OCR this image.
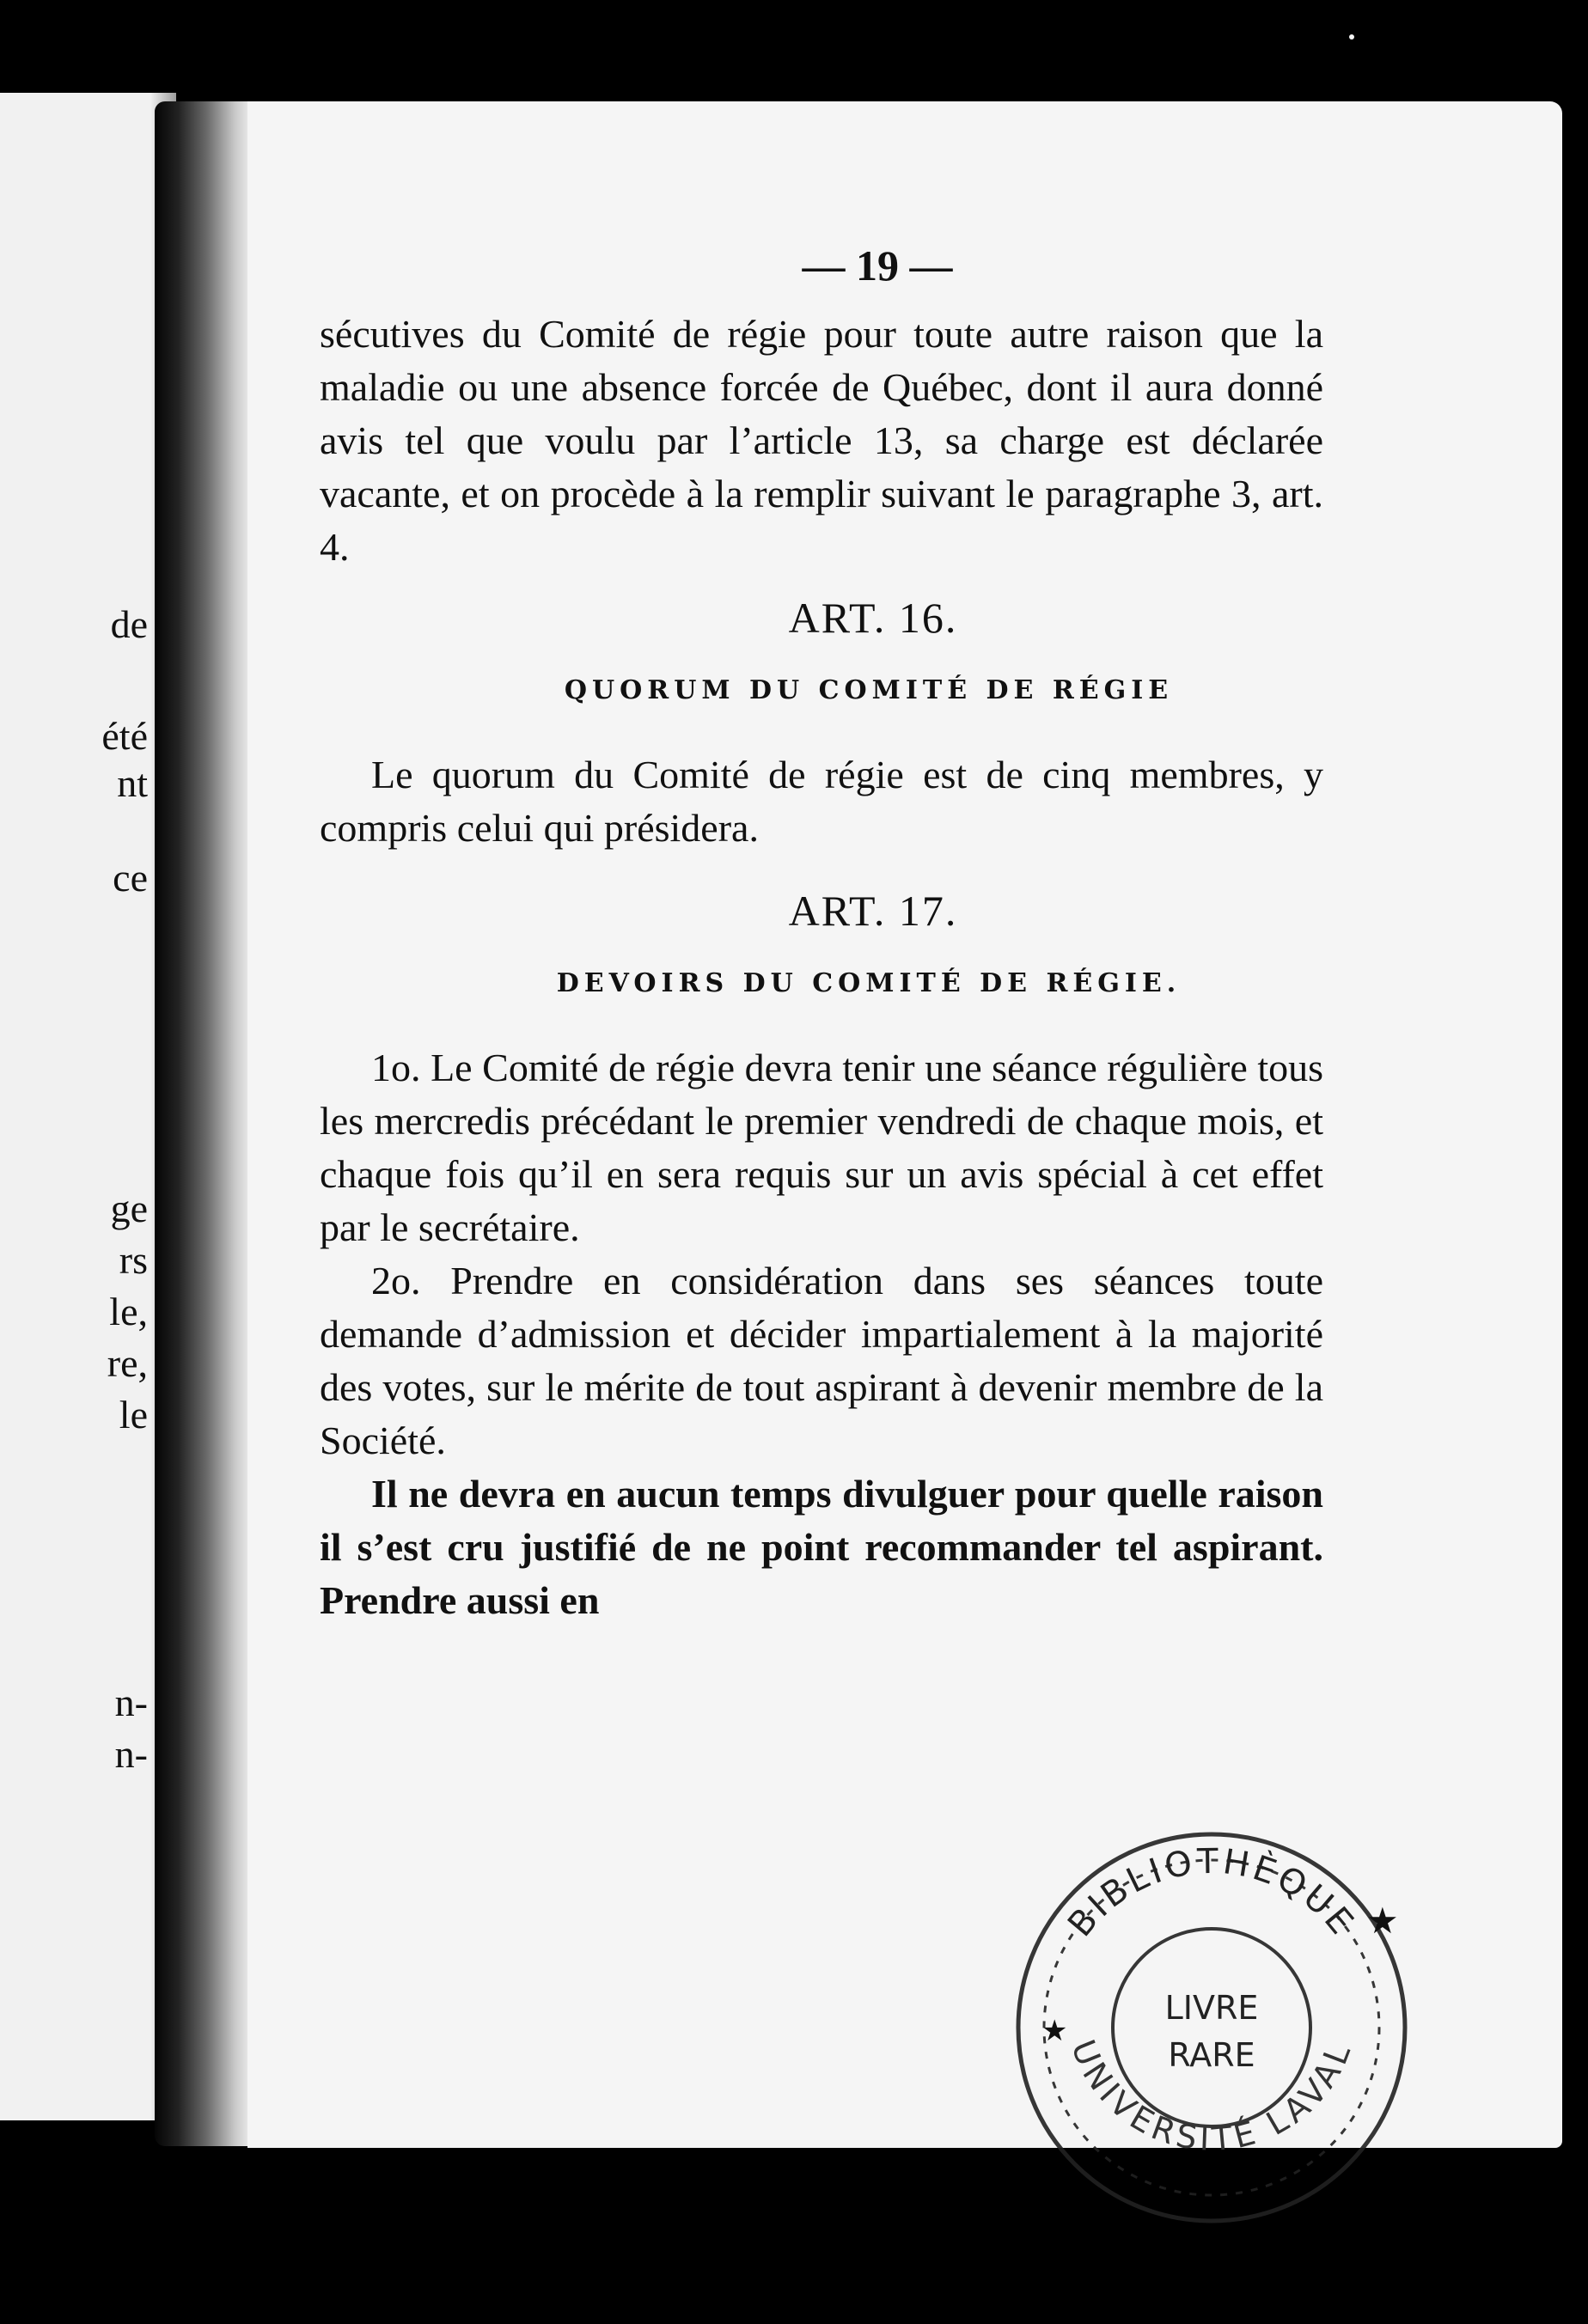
de
été
nt
ce
ge
rs
le,
re,
le
n-
n-
— 19 —

sécutives du Comité de régie pour toute autre raison que la maladie ou une absence forcée de Québec, dont il aura donné avis tel que voulu par l’article 13, sa charge est déclarée vacante, et on procède à la remplir suivant le paragraphe 3, art. 4.

ART. 16.
QUORUM DU COMITÉ DE RÉGIE

Le quorum du Comité de régie est de cinq membres, y compris celui qui présidera.

ART. 17.
DEVOIRS DU COMITÉ DE RÉGIE.

1o. Le Comité de régie devra tenir une séance régulière tous les mercredis précédant le premier vendredi de chaque mois, et chaque fois qu’il en sera requis sur un avis spécial à cet effet par le secrétaire.

2o. Prendre en considération dans ses séances toute demande d’admission et décider impartialement à la majorité des votes, sur le mérite de tout aspirant à devenir membre de la Société.

Il ne devra en aucun temps divulguer pour quelle raison il s’est cru justifié de ne point recommander tel aspirant. Prendre aussi en

BIBLIOTHÈQUE
UNIVERSITÉ LAVAL
LIVRE
RARE
★
★
